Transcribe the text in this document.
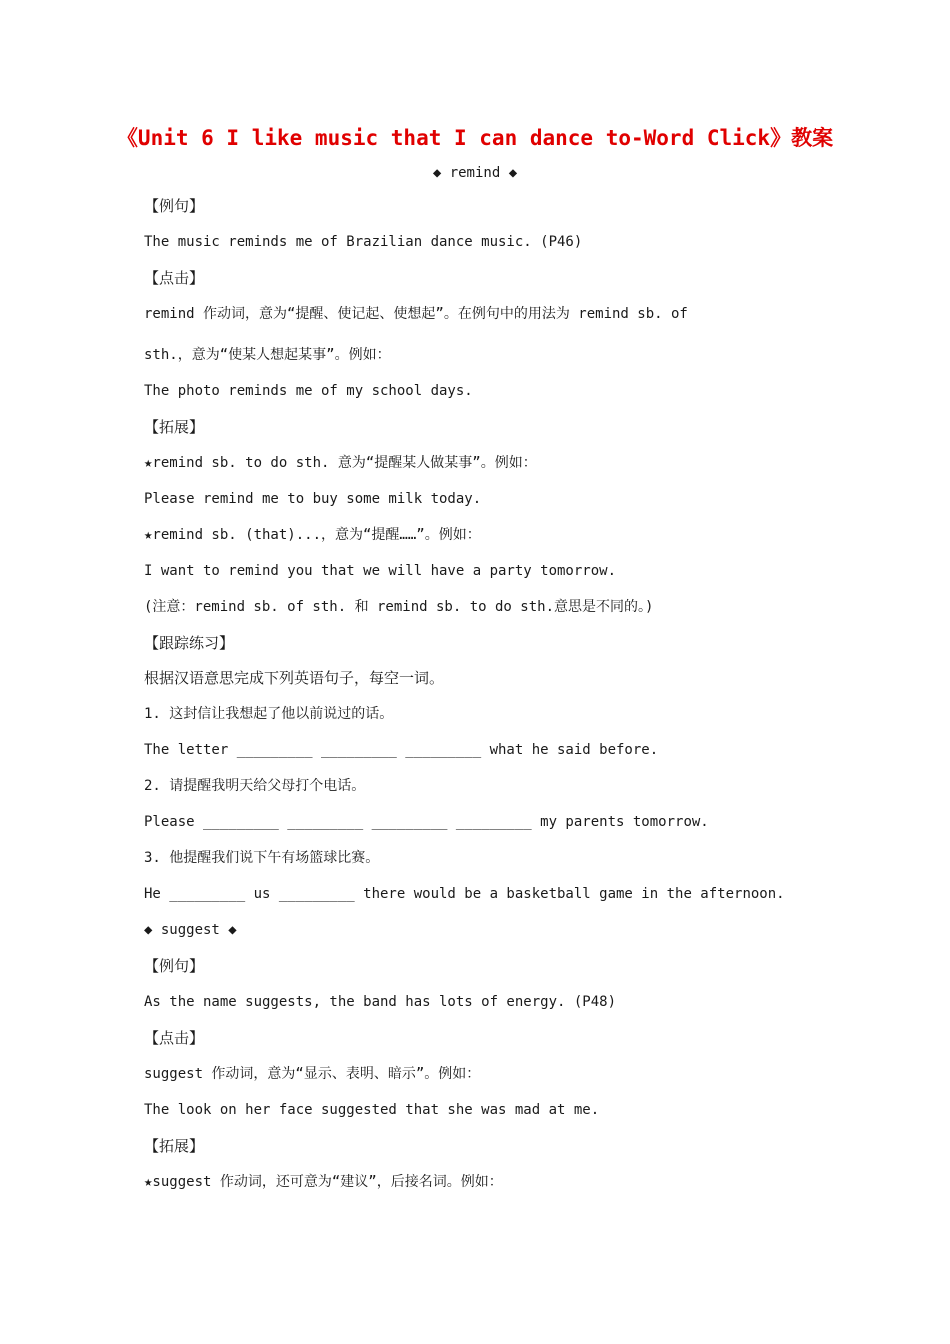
《Unit 6 I like music that I can dance to-Word Click》教案
◆ remind ◆
【例句】
The music reminds me of Brazilian dance music. (P46)
【点击】
remind 作动词，意为“提醒、使记起、使想起”。在例句中的用法为 remind sb. of
sth.，意为“使某人想起某事”。例如：
The photo reminds me of my school days.
【拓展】
★remind sb. to do sth. 意为“提醒某人做某事”。例如：
Please remind me to buy some milk today.
★remind sb. (that)...，意为“提醒……”。例如：
I want to remind you that we will have a party tomorrow.
(注意：remind sb. of sth. 和 remind sb. to do sth.意思是不同的。)
【跟踪练习】
根据汉语意思完成下列英语句子，每空一词。
1. 这封信让我想起了他以前说过的话。
The letter _________ _________ _________ what he said before.
2. 请提醒我明天给父母打个电话。
Please _________ _________ _________ _________ my parents tomorrow.
3. 他提醒我们说下午有场篮球比赛。
He _________ us _________ there would be a basketball game in the afternoon.
◆ suggest ◆
【例句】
As the name suggests, the band has lots of energy. (P48)
【点击】
suggest 作动词，意为“显示、表明、暗示”。例如：
The look on her face suggested that she was mad at me.
【拓展】
★suggest 作动词，还可意为“建议”，后接名词。例如：
